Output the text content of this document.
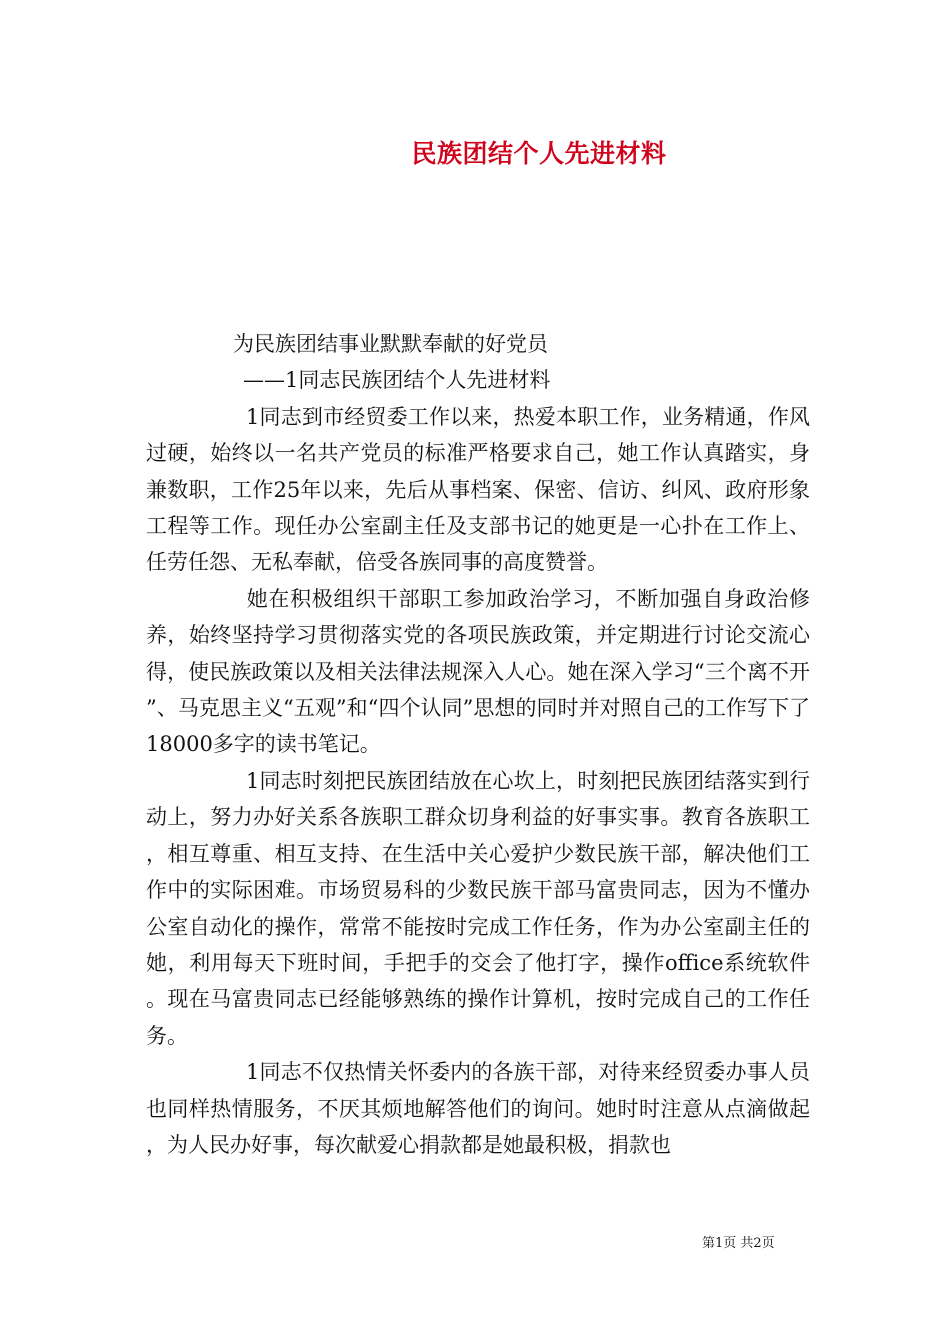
民族团结个人先进材料

为民族团结事业默默奉献的好党员

——1同志民族团结个人先进材料

1同志到市经贸委工作以来，热爱本职工作，业务精通，作风过硬，始终以一名共产党员的标准严格要求自己，她工作认真踏实，身兼数职，工作25年以来，先后从事档案、保密、信访、纠风、政府形象工程等工作。现任办公室副主任及支部书记的她更是一心扑在工作上、任劳任怨、无私奉献，倍受各族同事的高度赞誉。

她在积极组织干部职工参加政治学习，不断加强自身政治修养，始终坚持学习贯彻落实党的各项民族政策，并定期进行讨论交流心得，使民族政策以及相关法律法规深入人心。她在深入学习“三个离不开”、马克思主义“五观”和“四个认同”思想的同时并对照自己的工作写下了18000多字的读书笔记。

1同志时刻把民族团结放在心坎上，时刻把民族团结落实到行动上，努力办好关系各族职工群众切身利益的好事实事。教育各族职工，相互尊重、相互支持、在生活中关心爱护少数民族干部，解决他们工作中的实际困难。市场贸易科的少数民族干部马富贵同志，因为不懂办公室自动化的操作，常常不能按时完成工作任务，作为办公室副主任的她，利用每天下班时间，手把手的交会了他打字，操作office系统软件。现在马富贵同志已经能够熟练的操作计算机，按时完成自己的工作任务。

1同志不仅热情关怀委内的各族干部，对待来经贸委办事人员也同样热情服务，不厌其烦地解答他们的询问。她时时注意从点滴做起，为人民办好事，每次献爱心捐款都是她最积极，捐款也

第1页 共2页
